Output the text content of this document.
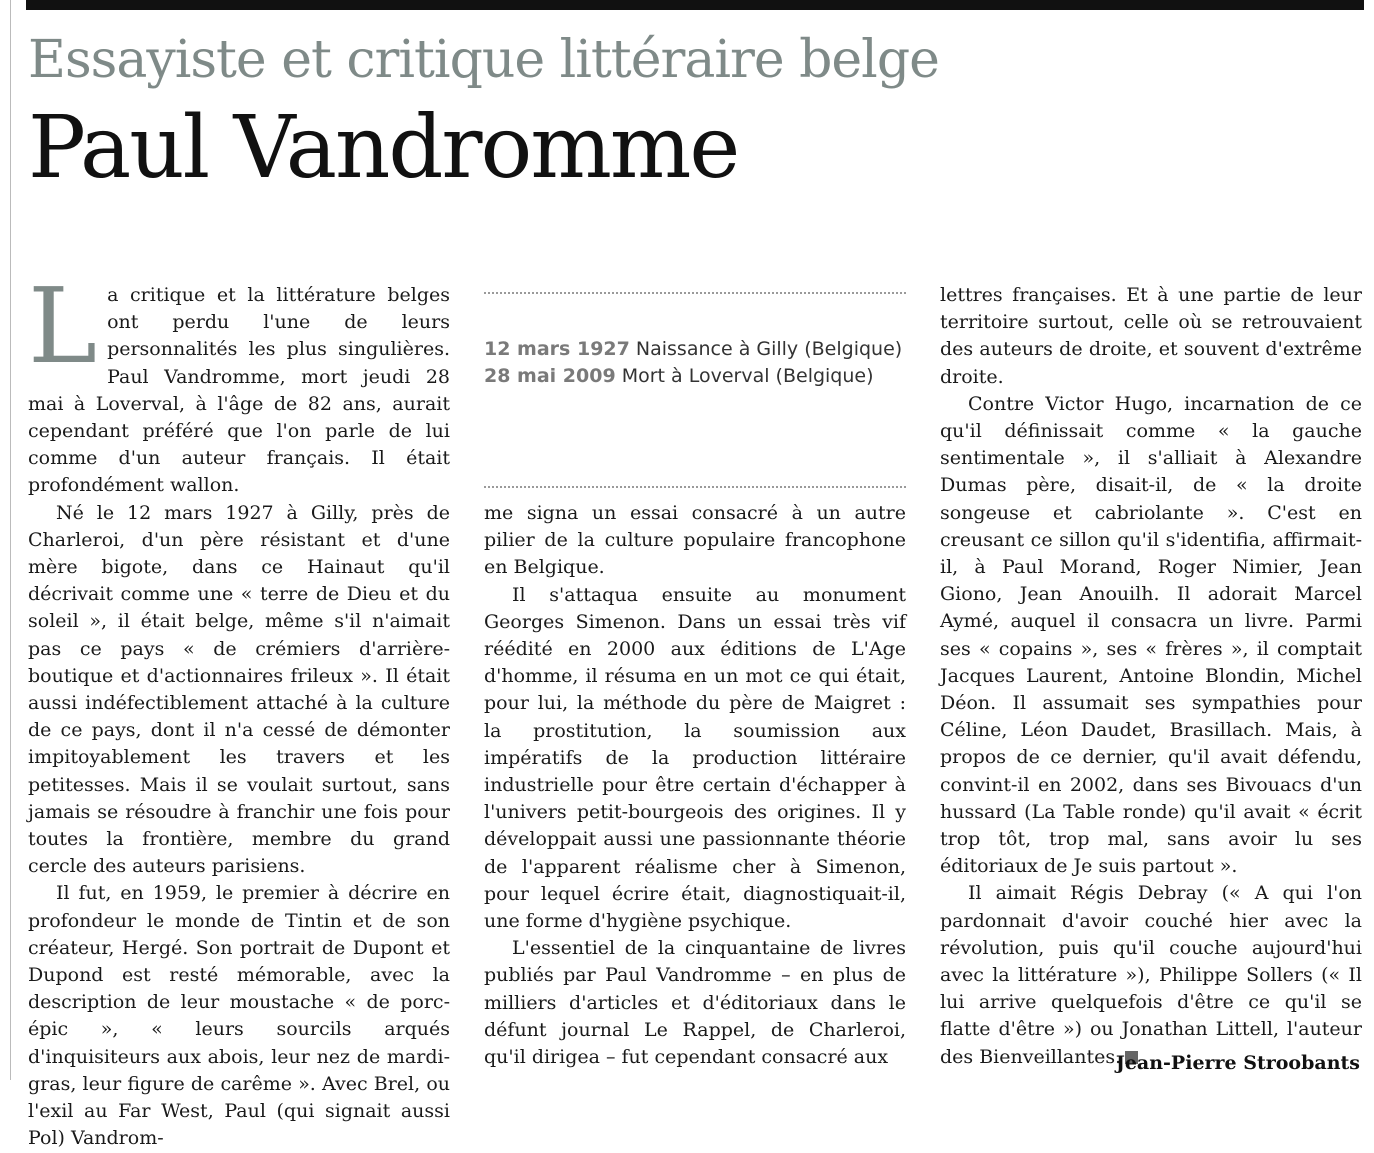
Essayiste et critique littéraire belge
Paul Vandromme

La critique et la littérature belges ont perdu l'une de leurs personnalités les plus singulières. Paul Vandromme, mort jeudi 28 mai à Loverval, à l'âge de 82 ans, aurait cependant préféré que l'on parle de lui comme d'un auteur français. Il était profondément wallon.

Né le 12 mars 1927 à Gilly, près de Charleroi, d'un père résistant et d'une mère bigote, dans ce Hainaut qu'il décrivait comme une « terre de Dieu et du soleil », il était belge, même s'il n'aimait pas ce pays « de crémiers d'arrière-boutique et d'actionnaires frileux ». Il était aussi indéfectiblement attaché à la culture de ce pays, dont il n'a cessé de démonter impitoyablement les travers et les petitesses. Mais il se voulait surtout, sans jamais se résoudre à franchir une fois pour toutes la frontière, membre du grand cercle des auteurs parisiens.

Il fut, en 1959, le premier à décrire en profondeur le monde de Tintin et de son créateur, Hergé. Son portrait de Dupont et Dupond est resté mémorable, avec la description de leur moustache « de porc-épic », « leurs sourcils arqués d'inquisiteurs aux abois, leur nez de mardi-gras, leur figure de carême ». Avec Brel, ou l'exil au Far West, Paul (qui signait aussi Pol) Vandrom-

12 mars 1927 Naissance à Gilly (Belgique)
28 mai 2009 Mort à Loverval (Belgique)

me signa un essai consacré à un autre pilier de la culture populaire francophone en Belgique.

Il s'attaqua ensuite au monument Georges Simenon. Dans un essai très vif réédité en 2000 aux éditions de L'Age d'homme, il résuma en un mot ce qui était, pour lui, la méthode du père de Maigret : la prostitution, la soumission aux impératifs de la production littéraire industrielle pour être certain d'échapper à l'univers petit-bourgeois des origines. Il y développait aussi une passionnante théorie de l'apparent réalisme cher à Simenon, pour lequel écrire était, diagnostiquait-il, une forme d'hygiène psychique.

L'essentiel de la cinquantaine de livres publiés par Paul Vandromme – en plus de milliers d'articles et d'éditoriaux dans le défunt journal Le Rappel, de Charleroi, qu'il dirigea – fut cependant consacré aux

lettres françaises. Et à une partie de leur territoire surtout, celle où se retrouvaient des auteurs de droite, et souvent d'extrême droite.

Contre Victor Hugo, incarnation de ce qu'il définissait comme « la gauche sentimentale », il s'alliait à Alexandre Dumas père, disait-il, de « la droite songeuse et cabriolante ». C'est en creusant ce sillon qu'il s'identifia, affirmait-il, à Paul Morand, Roger Nimier, Jean Giono, Jean Anouilh. Il adorait Marcel Aymé, auquel il consacra un livre. Parmi ses « copains », ses « frères », il comptait Jacques Laurent, Antoine Blondin, Michel Déon. Il assumait ses sympathies pour Céline, Léon Daudet, Brasillach. Mais, à propos de ce dernier, qu'il avait défendu, convint-il en 2002, dans ses Bivouacs d'un hussard (La Table ronde) qu'il avait « écrit trop tôt, trop mal, sans avoir lu ses éditoriaux de Je suis partout ».

Il aimait Régis Debray (« A qui l'on pardonnait d'avoir couché hier avec la révolution, puis qu'il couche aujourd'hui avec la littérature »), Philippe Sollers (« Il lui arrive quelquefois d'être ce qu'il se flatte d'être ») ou Jonathan Littell, l'auteur des Bienveillantes.

Jean-Pierre Stroobants
